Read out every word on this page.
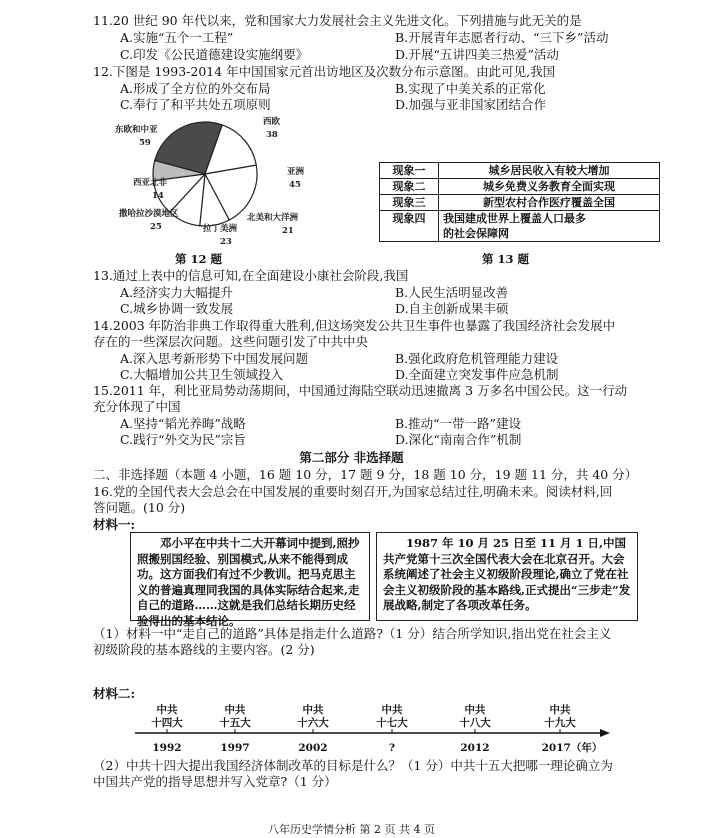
11.20 世纪 90 年代以来，党和国家大力发展社会主义先进文化。下列措施与此无关的是
A.实施“五个一工程”	B.开展青年志愿者行动、“三下乡”活动
C.印发《公民道德建设实施纲要》	D.开展“五讲四美三热爱”活动
12.下图是 1993-2014 年中国国家元首出访地区及次数分布示意图。由此可见,我国
A.形成了全方位的外交布局	B.实现了中美关系的正常化
C.奉行了和平共处五项原则	D.加强与亚非国家团结合作
东欧和中亚
59
西欧
38
亚洲
45
北美和大洋洲
21
拉丁美洲
23
撒哈拉沙漠地区
25
西亚北非
14
第 12 题
现象一	城乡居民收入有较大增加
现象二	城乡免费义务教育全面实现
现象三	新型农村合作医疗覆盖全国
现象四	我国建成世界上覆盖人口最多
的社会保障网
第 13 题
13.通过上表中的信息可知,在全面建设小康社会阶段,我国
A.经济实力大幅提升	B.人民生活明显改善
C.城乡协调一致发展	D.自主创新成果丰硕
14.2003 年防治非典工作取得重大胜利,但这场突发公共卫生事件也暴露了我国经济社会发展中
存在的一些深层次问题。这些问题引发了中共中央
A.深入思考新形势下中国发展问题	B.强化政府危机管理能力建设
C.大幅增加公共卫生领域投入	D.全面建立突发事件应急机制
15.2011 年，利比亚局势动荡期间，中国通过海陆空联动迅速撤离 3 万多名中国公民。这一行动
充分体现了中国
A.坚持“韬光养晦”战略	B.推动“一带一路”建设
C.践行“外交为民”宗旨	D.深化“南南合作”机制
第二部分 非选择题
二、非选择题（本题 4 小题，16 题 10 分，17 题 9 分，18 题 10 分，19 题 11 分，共 40 分）
16.党的全国代表大会总会在中国发展的重要时刻召开,为国家总结过往,明确未来。阅读材料,回
答问题。(10 分)
材料一:
邓小平在中共十二大开幕词中提到,照抄照搬别国经验、别国模式,从来不能得到成功。这方面我们有过不少教训。把马克思主义的普遍真理同我国的具体实际结合起来,走自己的道路……这就是我们总结长期历史经验得出的基本结论。
1987 年 10 月 25 日至 11 月 1 日,中国共产党第十三次全国代表大会在北京召开。大会系统阐述了社会主义初级阶段理论,确立了党在社会主义初级阶段的基本路线,正式提出“三步走”发展战略,制定了各项改革任务。
（1）材料一中“走自己的道路”具体是指走什么道路?（1 分）结合所学知识,指出党在社会主义
初级阶段的基本路线的主要内容。(2 分)
材料二:
中共
十四大
1992
中共
十五大
1997
中共
十六大
2002
中共
十七大
?
中共
十八大
2012
中共
十九大
2017（年）
（2）中共十四大提出我国经济体制改革的目标是什么？（1 分）中共十五大把哪一理论确立为
中国共产党的指导思想并写入党章?（1 分）
八年历史学情分析 第 2 页 共 4 页
